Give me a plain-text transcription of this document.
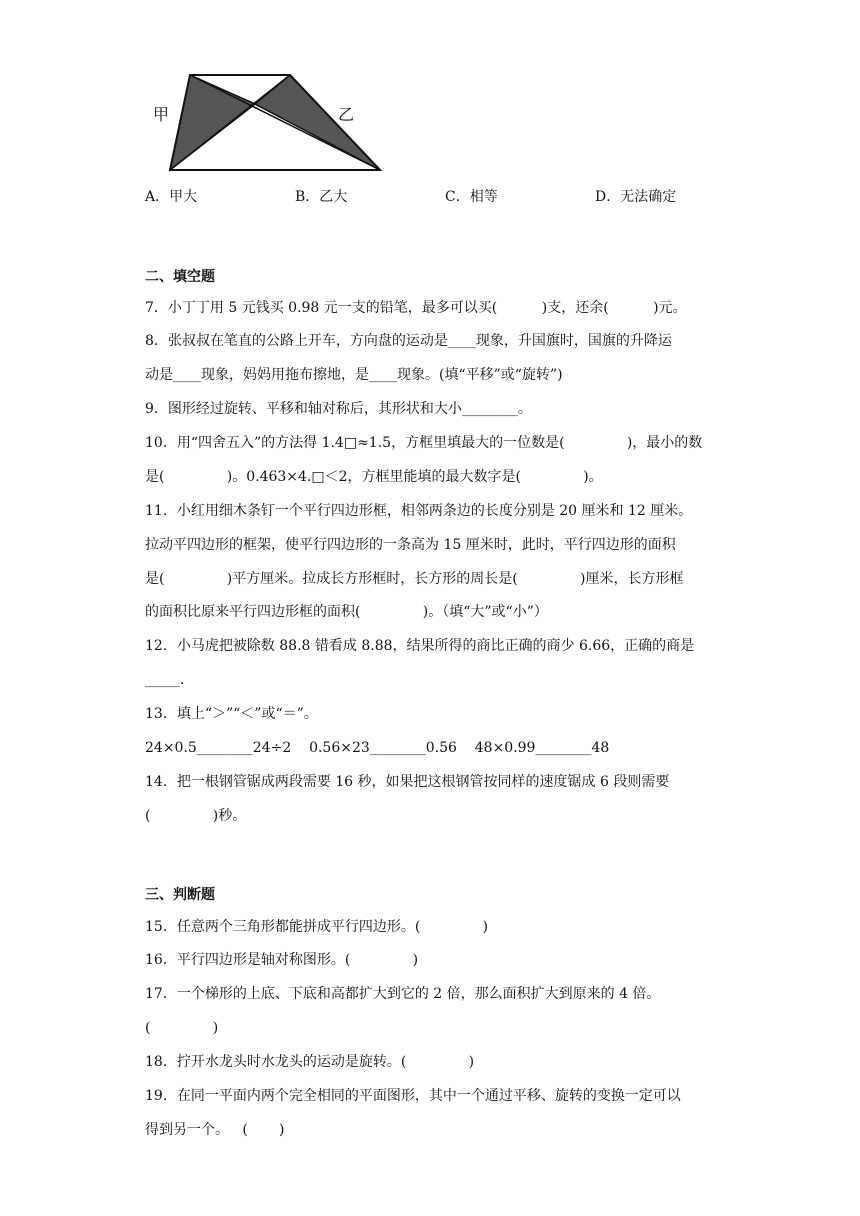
甲	乙
A．甲大	B．乙大	C．相等	D．无法确定
二、填空题
7．小丁丁用 5 元钱买 0.98 元一支的铅笔，最多可以买(          )支，还余(          )元。
8．张叔叔在笔直的公路上开车，方向盘的运动是____现象，升国旗时，国旗的升降运
动是____现象，妈妈用拖布擦地，是____现象。(填“平移”或“旋转”)
9．图形经过旋转、平移和轴对称后，其形状和大小________。
10．用“四舍五入”的方法得 1.4□≈1.5，方框里填最大的一位数是(              )，最小的数
是(              )。0.463×4.□＜2，方框里能填的最大数字是(              )。
11．小红用细木条钉一个平行四边形框，相邻两条边的长度分别是 20 厘米和 12 厘米。
拉动平四边形的框架，使平行四边形的一条高为 15 厘米时，此时，平行四边形的面积
是(              )平方厘米。拉成长方形框时，长方形的周长是(              )厘米，长方形框
的面积比原来平行四边形框的面积(              )。（填“大”或“小”）
12．小马虎把被除数 88.8 错看成 8.88，结果所得的商比正确的商少 6.66，正确的商是
_____.
13．填上“＞”“＜”或“＝”。
24×0.5________24÷2    0.56×23________0.56    48×0.99________48
14．把一根钢管锯成两段需要 16 秒，如果把这根钢管按同样的速度锯成 6 段则需要
(              )秒。
三、判断题
15．任意两个三角形都能拼成平行四边形。(              )
16．平行四边形是轴对称图形。(              )
17．一个梯形的上底、下底和高都扩大到它的 2 倍，那么面积扩大到原来的 4 倍。
(              )
18．拧开水龙头时水龙头的运动是旋转。(              )
19．在同一平面内两个完全相同的平面图形，其中一个通过平移、旋转的变换一定可以
得到另一个。   (       )
